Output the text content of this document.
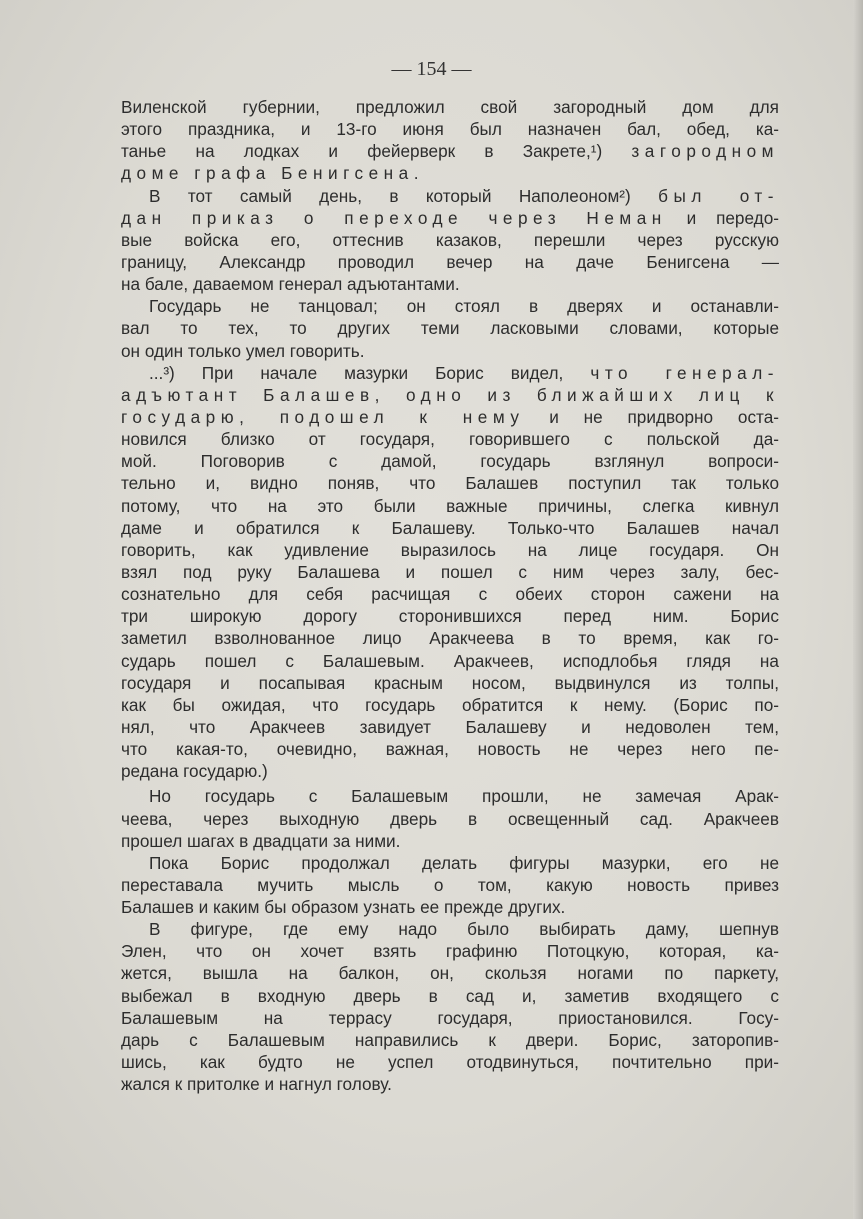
— 154 —
Виленской губернии, предложил свой загородный дом для
этого праздника, и 13-го июня был назначен бал, обед, ка-
танье на лодках и фейерверк в Закрете,¹) загородном
доме графа Бенигсена.
В тот самый день, в который Наполеоном²) был от-
дан приказ о переходе через Неман и передо-
вые войска его, оттеснив казаков, перешли через русскую
границу, Александр проводил вечер на даче Бенигсена —
на бале, даваемом генерал адъютантами.
Государь не танцовал; он стоял в дверях и останавли-
вал то тех, то других теми ласковыми словами, которые
он один только умел говорить.
...³) При начале мазурки Борис видел, что генерал-
адъютант Балашев, одно из ближайших лиц к
государю, подошел к нему и не придворно оста-
новился близко от государя, говорившего с польской да-
мой. Поговорив с дамой, государь взглянул вопроси-
тельно и, видно поняв, что Балашев поступил так только
потому, что на это были важные причины, слегка кивнул
даме и обратился к Балашеву. Только-что Балашев начал
говорить, как удивление выразилось на лице государя. Он
взял под руку Балашева и пошел с ним через залу, бес-
сознательно для себя расчищая с обеих сторон сажени на
три широкую дорогу сторонившихся перед ним. Борис
заметил взволнованное лицо Аракчеева в то время, как го-
сударь пошел с Балашевым. Аракчеев, исподлобья глядя на
государя и посапывая красным носом, выдвинулся из толпы,
как бы ожидая, что государь обратится к нему. (Борис по-
нял, что Аракчеев завидует Балашеву и недоволен тем,
что какая-то, очевидно, важная, новость не через него пе-
редана государю.)
Но государь с Балашевым прошли, не замечая Арак-
чеева, через выходную дверь в освещенный сад. Аракчеев
прошел шагах в двадцати за ними.
Пока Борис продолжал делать фигуры мазурки, его не
переставала мучить мысль о том, какую новость привез
Балашев и каким бы образом узнать ее прежде других.
В фигуре, где ему надо было выбирать даму, шепнув
Элен, что он хочет взять графиню Потоцкую, которая, ка-
жется, вышла на балкон, он, скользя ногами по паркету,
выбежал в входную дверь в сад и, заметив входящего с
Балашевым на террасу государя, приостановился. Госу-
дарь с Балашевым направились к двери. Борис, заторопив-
шись, как будто не успел отодвинуться, почтительно при-
жался к притолке и нагнул голову.
